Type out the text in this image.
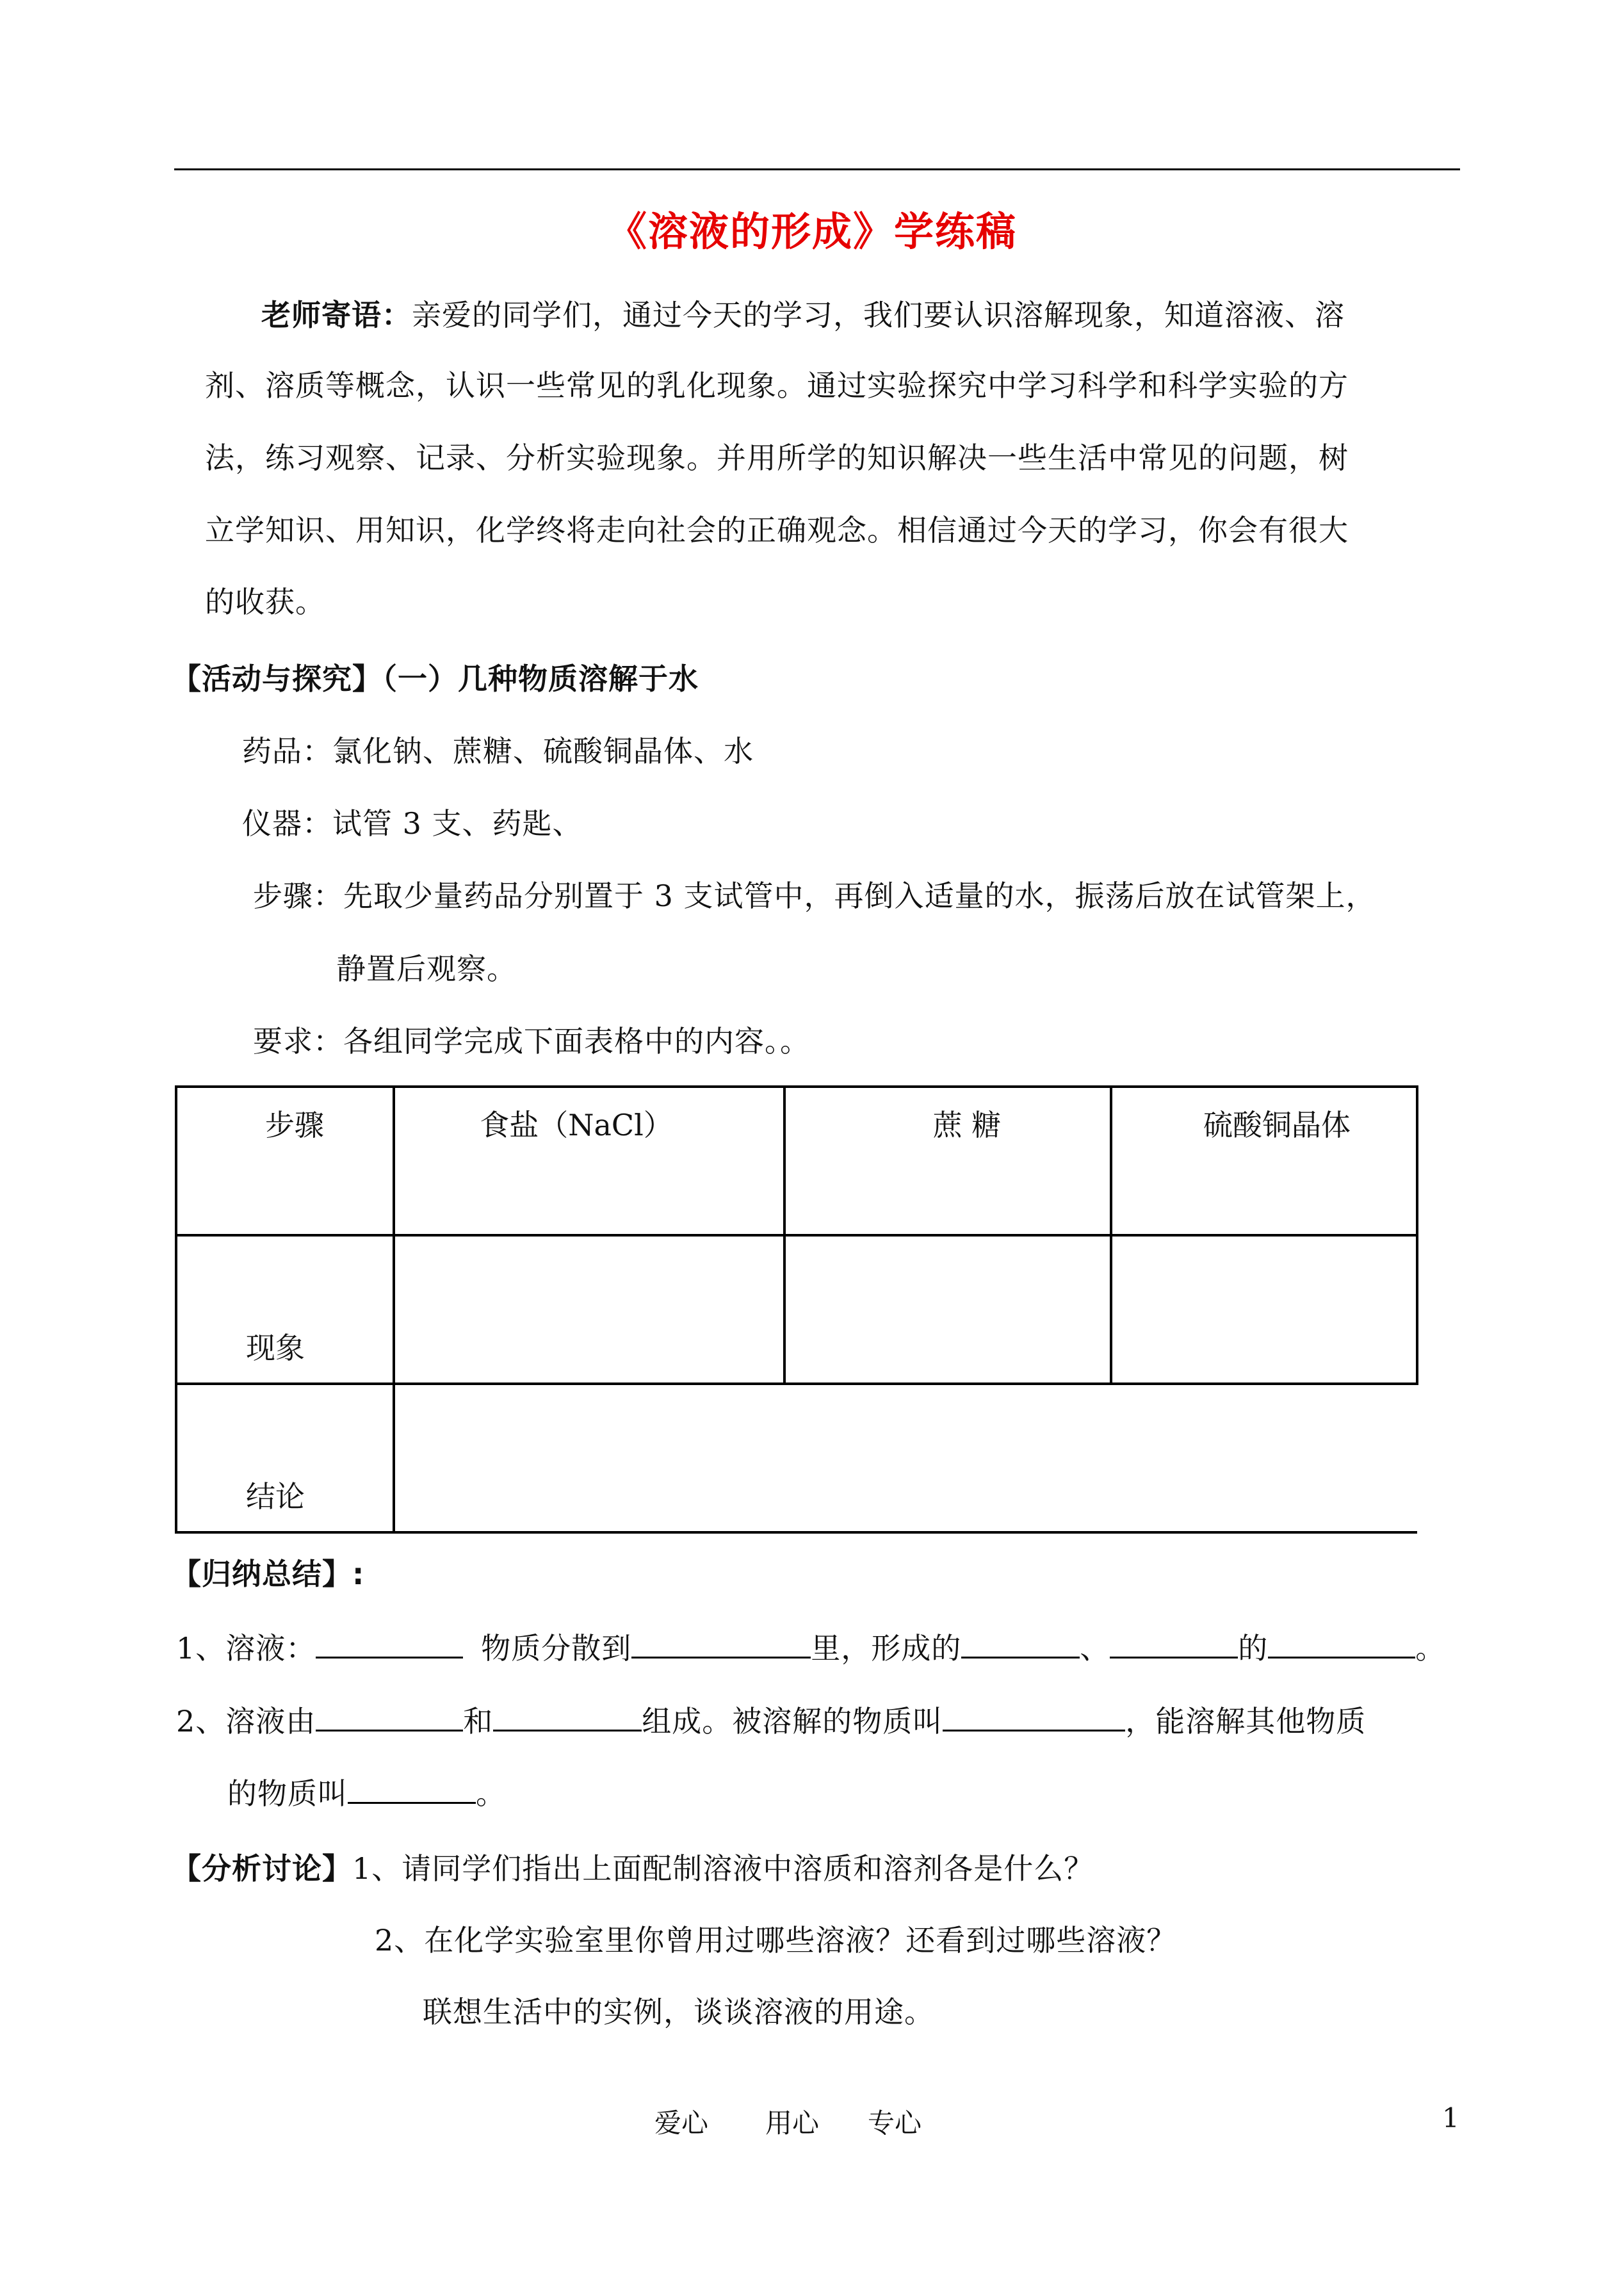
《溶液的形成》学练稿
老师寄语：亲爱的同学们，通过今天的学习，我们要认识溶解现象，知道溶液、溶
剂、溶质等概念，认识一些常见的乳化现象。通过实验探究中学习科学和科学实验的方
法，练习观察、记录、分析实验现象。并用所学的知识解决一些生活中常见的问题，树
立学知识、用知识，化学终将走向社会的正确观念。相信通过今天的学习，你会有很大
的收获。
【活动与探究】（一）几种物质溶解于水
药品：氯化钠、蔗糖、硫酸铜晶体、水
仪器：试管 3 支、药匙、
步骤：先取少量药品分别置于 3 支试管中，再倒入适量的水，振荡后放在试管架上，
静置后观察。
要求：各组同学完成下面表格中的内容。。
步骤	食盐（NaCl）	蔗 糖	硫酸铜晶体

现象			

结论			

【归纳总结】:
1、溶液：	物质分散到	里，形成的	、	的	。
2、溶液由	和	组成。被溶解的物质叫	，能溶解其他物质
的物质叫	。
【分析讨论】1、请同学们指出上面配制溶液中溶质和溶剂各是什么？
2、在化学实验室里你曾用过哪些溶液？还看到过哪些溶液？
联想生活中的实例，谈谈溶液的用途。
爱心 用心 专心	1
